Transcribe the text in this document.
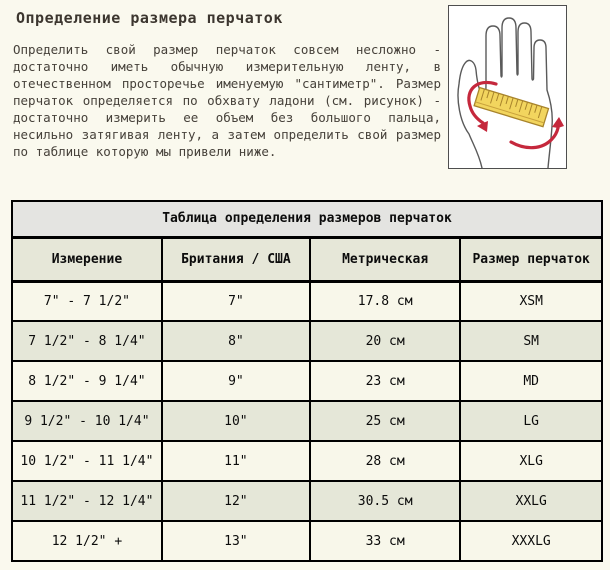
Определение размера перчаток

Определить свой размер перчаток совсем несложно - достаточно иметь обычную измерительную ленту, в отечественном просторечье именуемую "сантиметр". Размер перчаток определяется по обхвату ладони (см. рисунок) - достаточно измерить ее объем без большого пальца, несильно затягивая ленту, а затем определить свой размер по таблице которую мы привели ниже.

Таблица определения размеров перчаток			
Измерение	Британия / США	Метрическая	Размер перчаток
7" - 7 1/2"	7"	17.8 см	XSM
7 1/2" - 8 1/4"	8"	20 см	SM
8 1/2" - 9 1/4"	9"	23 см	MD
9 1/2" - 10 1/4"	10"	25 см	LG
10 1/2" - 11 1/4"	11"	28 см	XLG
11 1/2" - 12 1/4"	12"	30.5 см	XXLG
12 1/2" +	13"	33 см	XXXLG
